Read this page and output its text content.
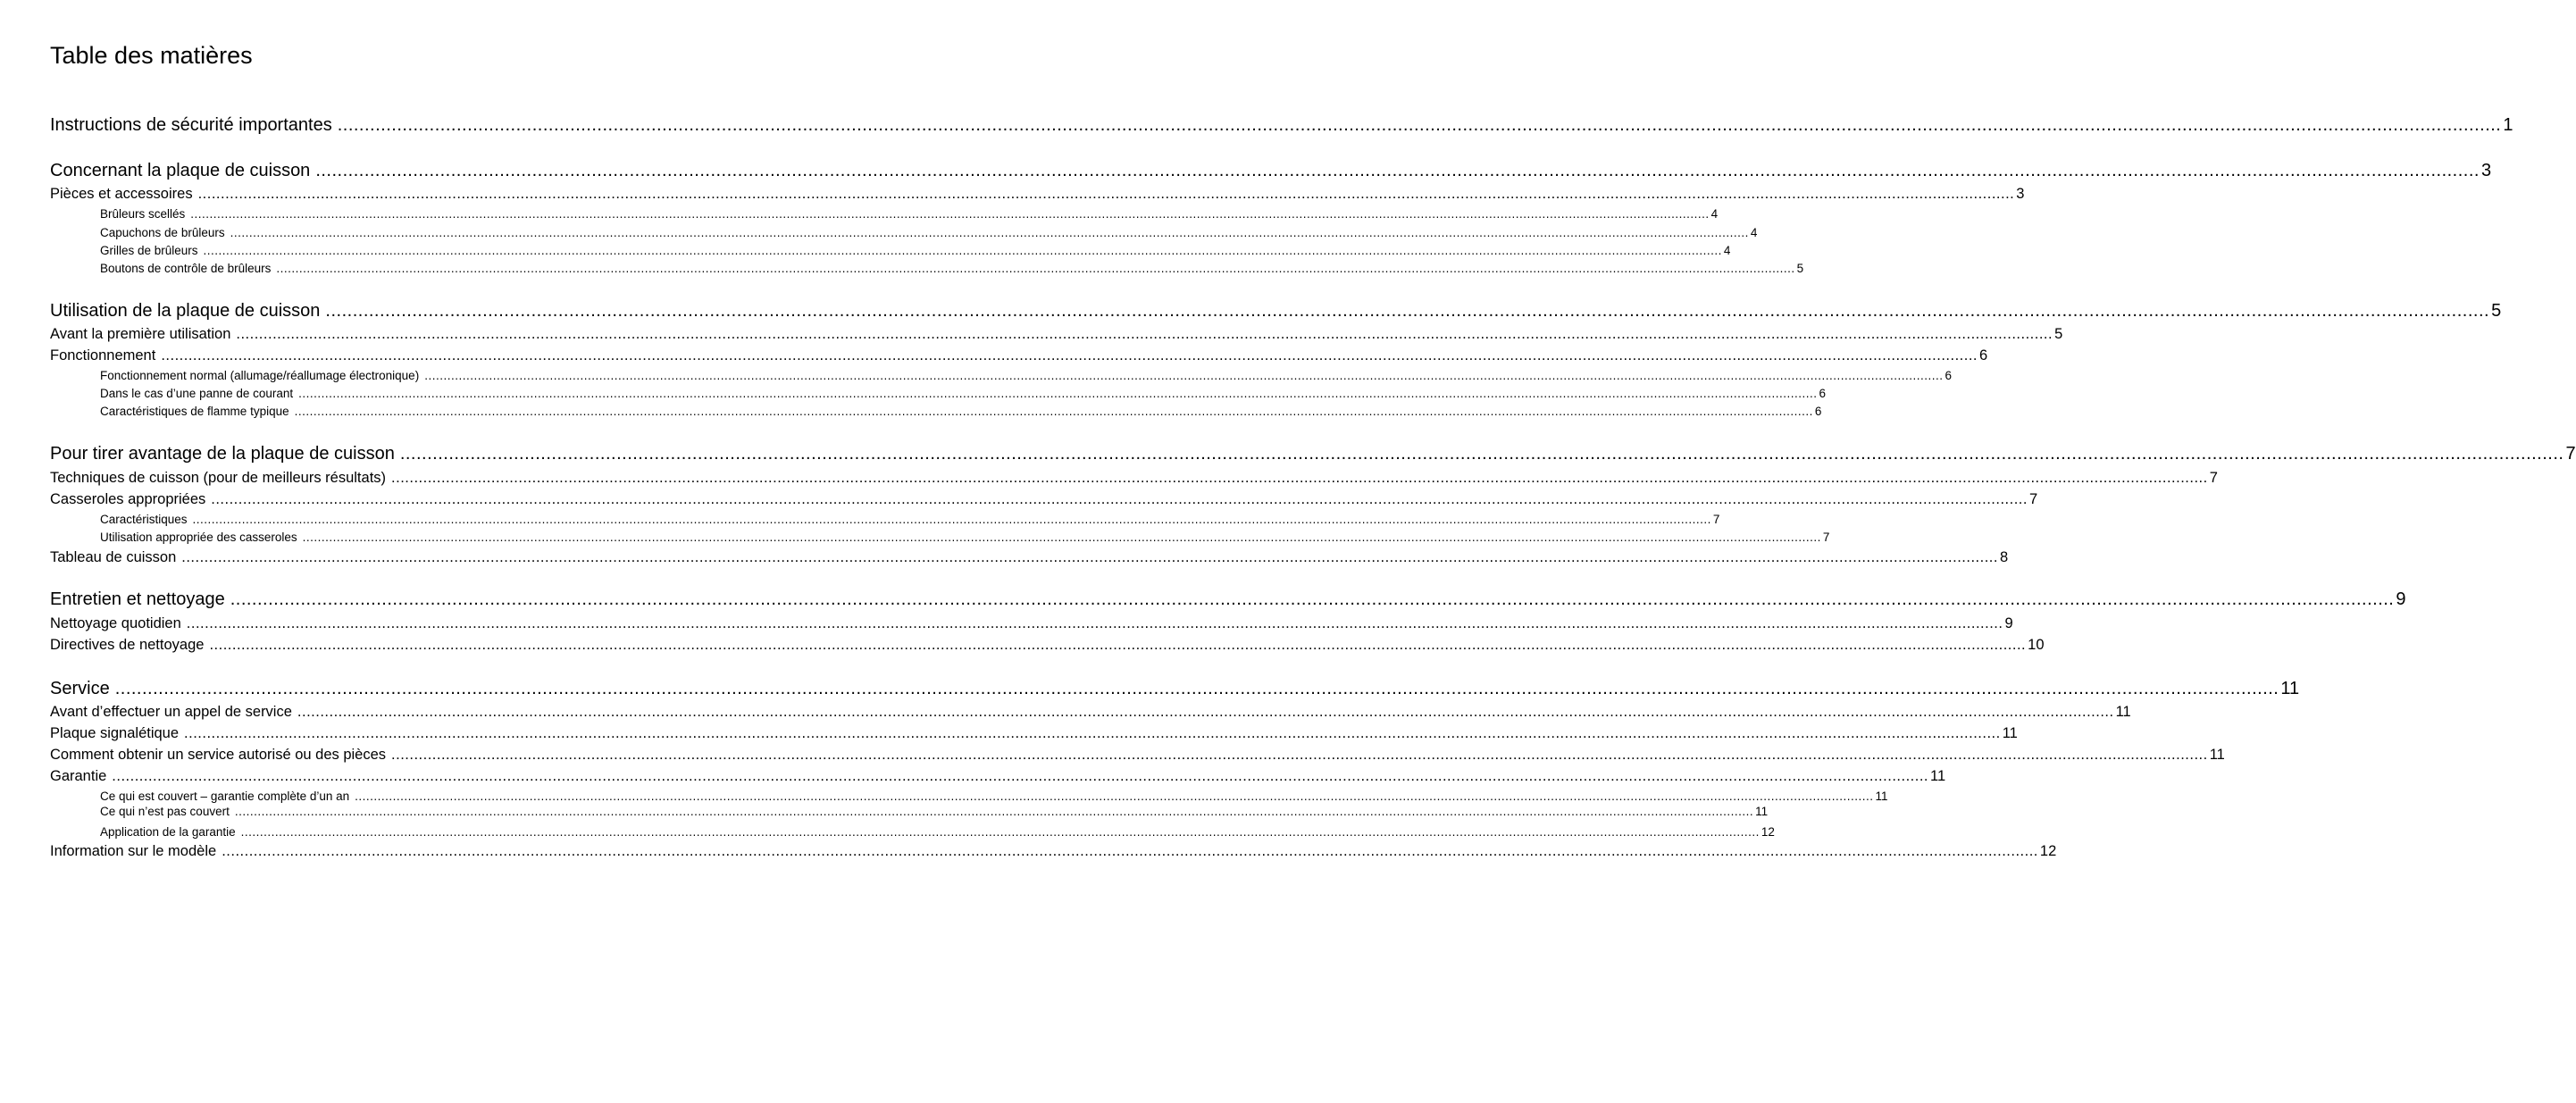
Table des matières
Instructions de sécurité importantes ................................................................................................................................................................................................................................................................................................................................................................................................................ 1
Concernant la plaque de cuisson ................................................................................................................................................................................................................................................................................................................................................................................................................ 3
Pièces et accessoires ................................................................................................................................................................................................................................................................................................................................................................................................................ 3
Brûleurs scellés ................................................................................................................................................................................................................................................................................................................................................................................................................ 4
Capuchons de brûleurs ................................................................................................................................................................................................................................................................................................................................................................................................................ 4
Grilles de brûleurs ................................................................................................................................................................................................................................................................................................................................................................................................................ 4
Boutons de contrôle de brûleurs ................................................................................................................................................................................................................................................................................................................................................................................................................ 5
Utilisation de la plaque de cuisson ................................................................................................................................................................................................................................................................................................................................................................................................................ 5
Avant la première utilisation ................................................................................................................................................................................................................................................................................................................................................................................................................ 5
Fonctionnement ................................................................................................................................................................................................................................................................................................................................................................................................................ 6
Fonctionnement normal (allumage/réallumage électronique) ................................................................................................................................................................................................................................................................................................................................................................................................................ 6
Dans le cas d’une panne de courant ................................................................................................................................................................................................................................................................................................................................................................................................................ 6
Caractéristiques de flamme typique ................................................................................................................................................................................................................................................................................................................................................................................................................ 6
Pour tirer avantage de la plaque de cuisson ................................................................................................................................................................................................................................................................................................................................................................................................................ 7
Techniques de cuisson (pour de meilleurs résultats) ................................................................................................................................................................................................................................................................................................................................................................................................................ 7
Casseroles appropriées ................................................................................................................................................................................................................................................................................................................................................................................................................ 7
Caractéristiques ................................................................................................................................................................................................................................................................................................................................................................................................................ 7
Utilisation appropriée des casseroles ................................................................................................................................................................................................................................................................................................................................................................................................................ 7
Tableau de cuisson ................................................................................................................................................................................................................................................................................................................................................................................................................ 8
Entretien et nettoyage ................................................................................................................................................................................................................................................................................................................................................................................................................ 9
Nettoyage quotidien ................................................................................................................................................................................................................................................................................................................................................................................................................ 9
Directives de nettoyage ................................................................................................................................................................................................................................................................................................................................................................................................................ 10
Service ................................................................................................................................................................................................................................................................................................................................................................................................................ 11
Avant d’effectuer un appel de service ................................................................................................................................................................................................................................................................................................................................................................................................................ 11
Plaque signalétique ................................................................................................................................................................................................................................................................................................................................................................................................................ 11
Comment obtenir un service autorisé ou des pièces ................................................................................................................................................................................................................................................................................................................................................................................................................ 11
Garantie ................................................................................................................................................................................................................................................................................................................................................................................................................ 11
Ce qui est couvert – garantie complète d’un an ................................................................................................................................................................................................................................................................................................................................................................................................................ 11
Ce qui n’est pas couvert ................................................................................................................................................................................................................................................................................................................................................................................................................ 11
Application de la garantie ................................................................................................................................................................................................................................................................................................................................................................................................................ 12
Information sur le modèle ................................................................................................................................................................................................................................................................................................................................................................................................................ 12
